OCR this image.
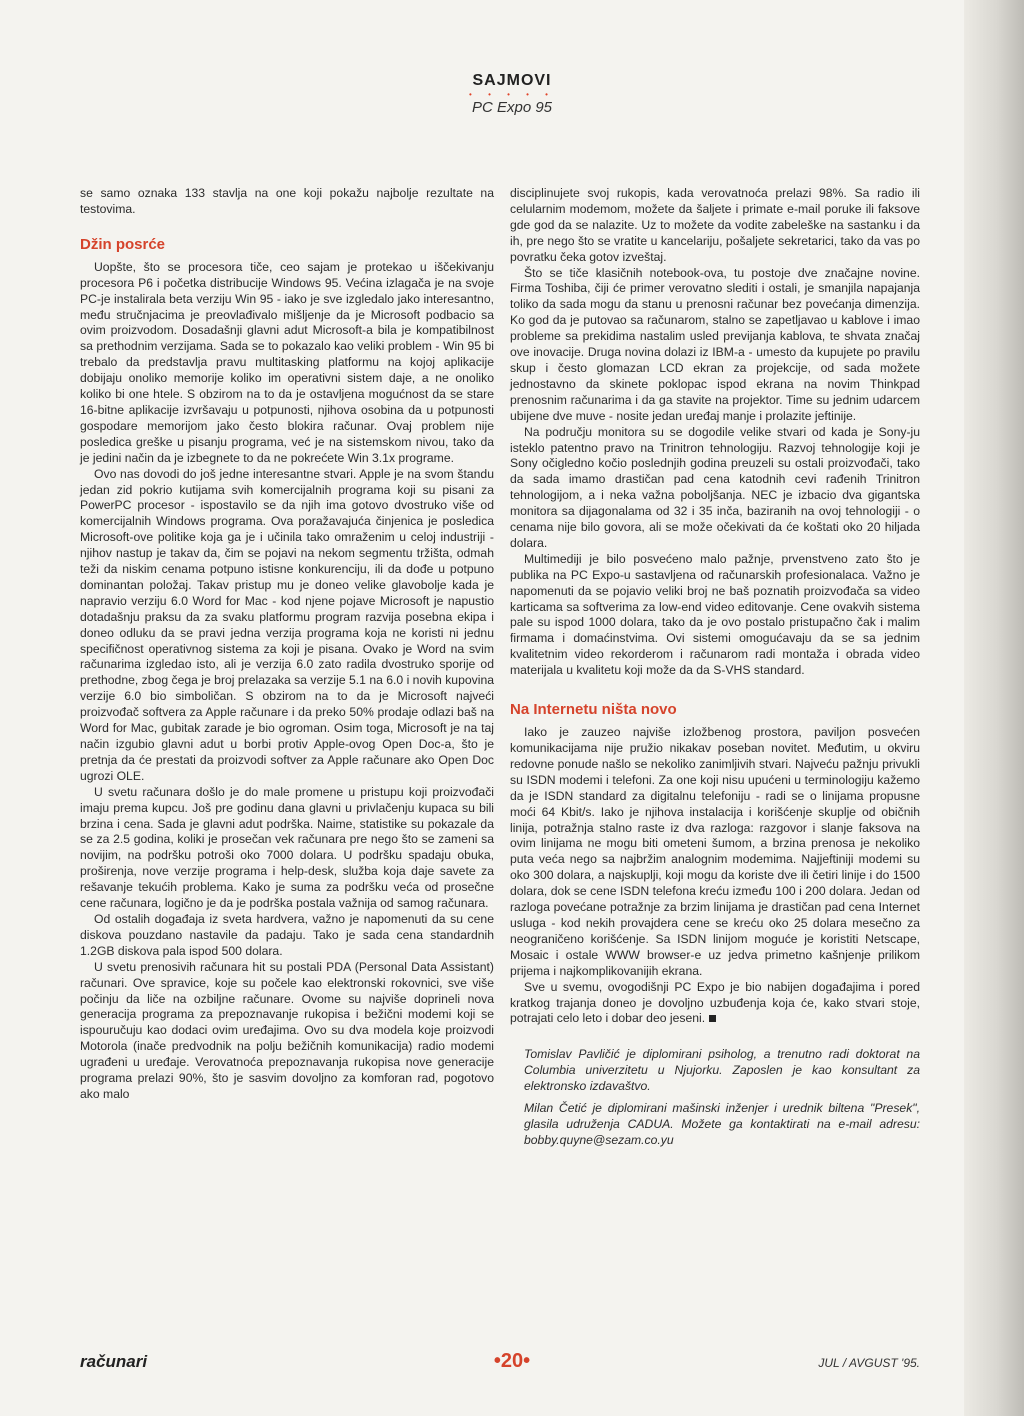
SAJMOVI
• • • • •
PC Expo 95

se samo oznaka 133 stavlja na one koji pokažu najbolje rezultate na testovima.

Džin posrće

Uopšte, što se procesora tiče, ceo sajam je protekao u iščekivanju procesora P6 i početka distribucije Windows 95. Većina izlagača je na svoje PC-je instalirala beta verziju Win 95 - iako je sve izgledalo jako interesantno, među stručnjacima je preovlađivalo mišljenje da je Microsoft podbacio sa ovim proizvodom. Dosadašnji glavni adut Microsoft-a bila je kompatibilnost sa prethodnim verzijama. Sada se to pokazalo kao veliki problem - Win 95 bi trebalo da predstavlja pravu multitasking platformu na kojoj aplikacije dobijaju onoliko memorije koliko im operativni sistem daje, a ne onoliko koliko bi one htele. S obzirom na to da je ostavljena mogućnost da se stare 16-bitne aplikacije izvršavaju u potpunosti, njihova osobina da u potpunosti gospodare memorijom jako često blokira računar. Ovaj problem nije posledica greške u pisanju programa, već je na sistemskom nivou, tako da je jedini način da je izbegnete to da ne pokrećete Win 3.1x programe.

Ovo nas dovodi do još jedne interesantne stvari. Apple je na svom štandu jedan zid pokrio kutijama svih komercijalnih programa koji su pisani za PowerPC procesor - ispostavilo se da njih ima gotovo dvostruko više od komercijalnih Windows programa. Ova poražavajuća činjenica je posledica Microsoft-ove politike koja ga je i učinila tako omraženim u celoj industriji - njihov nastup je takav da, čim se pojavi na nekom segmentu tržišta, odmah teži da niskim cenama potpuno istisne konkurenciju, ili da dođe u potpuno dominantan položaj. Takav pristup mu je doneo velike glavobolje kada je napravio verziju 6.0 Word for Mac - kod njene pojave Microsoft je napustio dotadašnju praksu da za svaku platformu program razvija posebna ekipa i doneo odluku da se pravi jedna verzija programa koja ne koristi ni jednu specifičnost operativnog sistema za koji je pisana. Ovako je Word na svim računarima izgledao isto, ali je verzija 6.0 zato radila dvostruko sporije od prethodne, zbog čega je broj prelazaka sa verzije 5.1 na 6.0 i novih kupovina verzije 6.0 bio simboličan. S obzirom na to da je Microsoft najveći proizvođač softvera za Apple računare i da preko 50% prodaje odlazi baš na Word for Mac, gubitak zarade je bio ogroman. Osim toga, Microsoft je na taj način izgubio glavni adut u borbi protiv Apple-ovog Open Doc-a, što je pretnja da će prestati da proizvodi softver za Apple računare ako Open Doc ugrozi OLE.

U svetu računara došlo je do male promene u pristupu koji proizvođači imaju prema kupcu. Još pre godinu dana glavni u privlačenju kupaca su bili brzina i cena. Sada je glavni adut podrška. Naime, statistike su pokazale da se za 2.5 godina, koliki je prosečan vek računara pre nego što se zameni sa novijim, na podršku potroši oko 7000 dolara. U podršku spadaju obuka, proširenja, nove verzije programa i help-desk, služba koja daje savete za rešavanje tekućih problema. Kako je suma za podršku veća od prosečne cene računara, logično je da je podrška postala važnija od samog računara.

Od ostalih događaja iz sveta hardvera, važno je napomenuti da su cene diskova pouzdano nastavile da padaju. Tako je sada cena standardnih 1.2GB diskova pala ispod 500 dolara.

U svetu prenosivih računara hit su postali PDA (Personal Data Assistant) računari. Ove spravice, koje su počele kao elektronski rokovnici, sve više počinju da liče na ozbiljne računare. Ovome su najviše doprineli nova generacija programa za prepoznavanje rukopisa i bežični modemi koji se ispouručuju kao dodaci ovim uređajima. Ovo su dva modela koje proizvodi Motorola (inače predvodnik na polju bežičnih komunikacija) radio modemi ugrađeni u uređaje. Verovatnoća prepoznavanja rukopisa nove generacije programa prelazi 90%, što je sasvim dovoljno za komforan rad, pogotovo ako malo

disciplinujete svoj rukopis, kada verovatnoća prelazi 98%. Sa radio ili celularnim modemom, možete da šaljete i primate e-mail poruke ili faksove gde god da se nalazite. Uz to možete da vodite zabeleške na sastanku i da ih, pre nego što se vratite u kancelariju, pošaljete sekretarici, tako da vas po povratku čeka gotov izveštaj.

Što se tiče klasičnih notebook-ova, tu postoje dve značajne novine. Firma Toshiba, čiji će primer verovatno slediti i ostali, je smanjila napajanja toliko da sada mogu da stanu u prenosni računar bez povećanja dimenzija. Ko god da je putovao sa računarom, stalno se zapetljavao u kablove i imao probleme sa prekidima nastalim usled previjanja kablova, te shvata značaj ove inovacije. Druga novina dolazi iz IBM-a - umesto da kupujete po pravilu skup i često glomazan LCD ekran za projekcije, od sada možete jednostavno da skinete poklopac ispod ekrana na novim Thinkpad prenosnim računarima i da ga stavite na projektor. Time su jednim udarcem ubijene dve muve - nosite jedan uređaj manje i prolazite jeftinije.

Na području monitora su se dogodile velike stvari od kada je Sony-ju isteklo patentno pravo na Trinitron tehnologiju. Razvoj tehnologije koji je Sony očigledno kočio poslednjih godina preuzeli su ostali proizvođači, tako da sada imamo drastičan pad cena katodnih cevi rađenih Trinitron tehnologijom, a i neka važna poboljšanja. NEC je izbacio dva gigantska monitora sa dijagonalama od 32 i 35 inča, baziranih na ovoj tehnologiji - o cenama nije bilo govora, ali se može očekivati da će koštati oko 20 hiljada dolara.

Multimediji je bilo posvećeno malo pažnje, prvenstveno zato što je publika na PC Expo-u sastavljena od računarskih profesionalaca. Važno je napomenuti da se pojavio veliki broj ne baš poznatih proizvođača sa video karticama sa softverima za low-end video editovanje. Cene ovakvih sistema pale su ispod 1000 dolara, tako da je ovo postalo pristupačno čak i malim firmama i domaćinstvima. Ovi sistemi omogućavaju da se sa jednim kvalitetnim video rekorderom i računarom radi montaža i obrada video materijala u kvalitetu koji može da da S-VHS standard.

Na Internetu ništa novo

Iako je zauzeo najviše izložbenog prostora, paviljon posvećen komunikacijama nije pružio nikakav poseban novitet. Međutim, u okviru redovne ponude našlo se nekoliko zanimljivih stvari. Najveću pažnju privukli su ISDN modemi i telefoni. Za one koji nisu upućeni u terminologiju kažemo da je ISDN standard za digitalnu telefoniju - radi se o linijama propusne moći 64 Kbit/s. Iako je njihova instalacija i korišćenje skuplje od običnih linija, potražnja stalno raste iz dva razloga: razgovor i slanje faksova na ovim linijama ne mogu biti ometeni šumom, a brzina prenosa je nekoliko puta veća nego sa najbržim analognim modemima. Najjeftiniji modemi su oko 300 dolara, a najskuplji, koji mogu da koriste dve ili četiri linije i do 1500 dolara, dok se cene ISDN telefona kreću između 100 i 200 dolara. Jedan od razloga povećane potražnje za brzim linijama je drastičan pad cena Internet usluga - kod nekih provajdera cene se kreću oko 25 dolara mesečno za neograničeno korišćenje. Sa ISDN linijom moguće je koristiti Netscape, Mosaic i ostale WWW browser-e uz jedva primetno kašnjenje prilikom prijema i najkomplikovanijih ekrana.

Sve u svemu, ovogodišnji PC Expo je bio nabijen događajima i pored kratkog trajanja doneo je dovoljno uzbuđenja koja će, kako stvari stoje, potrajati celo leto i dobar deo jeseni.

Tomislav Pavličić je diplomirani psiholog, a trenutno radi doktorat na Columbia univerzitetu u Njujorku. Zaposlen je kao konsultant za elektronsko izdavaštvo.

Milan Četić je diplomirani mašinski inženjer i urednik biltena "Presek", glasila udruženja CADUA. Možete ga kontaktirati na e-mail adresu: bobby.quyne@sezam.co.yu

računari	•20•	JUL / AVGUST '95.
